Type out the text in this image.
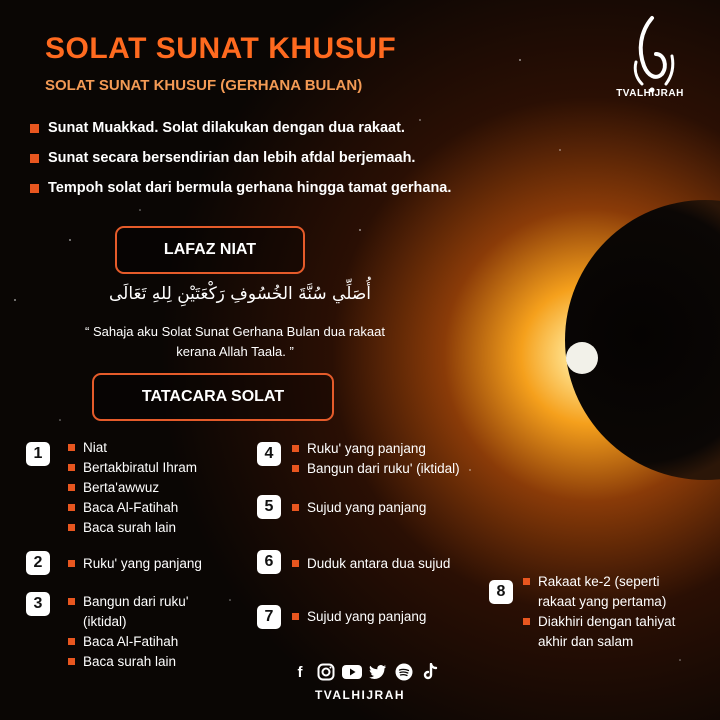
SOLAT SUNAT KHUSUF
SOLAT SUNAT KHUSUF (GERHANA BULAN)	TVALHIJRAH
Sunat Muakkad. Solat dilakukan dengan dua rakaat.
Sunat secara bersendirian dan lebih afdal berjemaah.
Tempoh solat dari bermula gerhana hingga tamat gerhana.
LAFAZ NIAT
أُصَلِّي سُنَّةَ الخُسُوفِ رَكْعَتَيْنِ لِلهِ تَعَالَى
“ Sahaja aku Solat Sunat Gerhana Bulan dua rakaat
kerana Allah Taala. ”
TATACARA SOLAT
1	Niat
Bertakbiratul Ihram
Berta'awwuz
Baca Al-Fatihah
Baca surah lain
2	Ruku' yang panjang
3	Bangun dari ruku'
(iktidal)
Baca Al-Fatihah
Baca surah lain
4	Ruku' yang panjang
Bangun dari ruku' (iktidal)
5	Sujud yang panjang
6	Duduk antara dua sujud
7	Sujud yang panjang
8
Rakaat ke-2 (seperti
rakaat yang pertama)
Diakhiri dengan tahiyat
akhir dan salam
f
TVALHIJRAH
